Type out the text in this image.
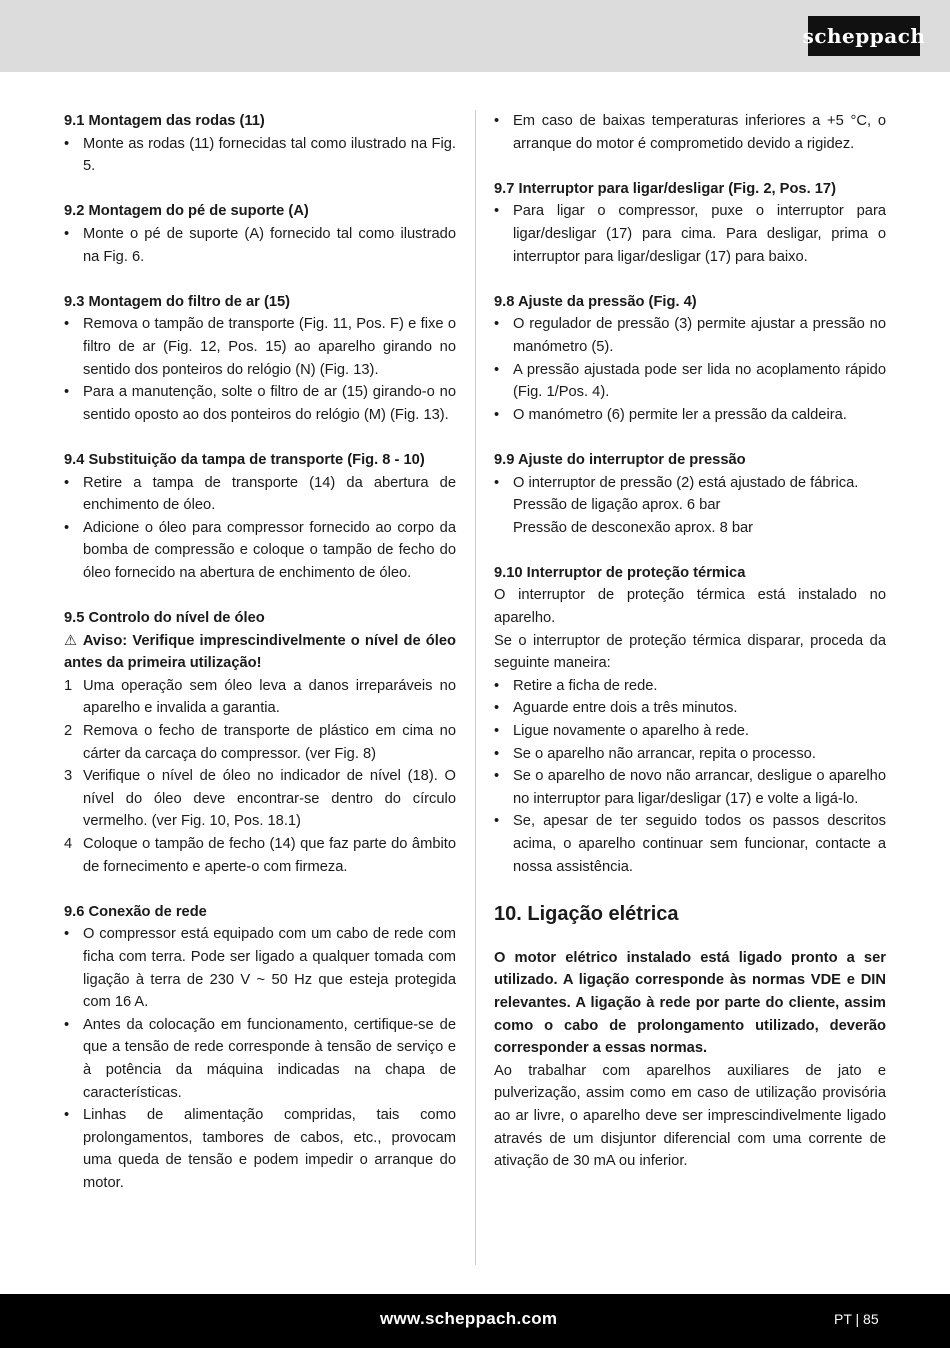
scheppach
9.1 Montagem das rodas (11)
• Monte as rodas (11) fornecidas tal como ilustrado na Fig. 5.
9.2 Montagem do pé de suporte (A)
• Monte o pé de suporte (A) fornecido tal como ilustrado na Fig. 6.
9.3 Montagem do filtro de ar (15)
• Remova o tampão de transporte (Fig. 11, Pos. F) e fixe o filtro de ar (Fig. 12, Pos. 15) ao aparelho girando no sentido dos ponteiros do relógio (N) (Fig. 13).
• Para a manutenção, solte o filtro de ar (15) girando-o no sentido oposto ao dos ponteiros do relógio (M) (Fig. 13).
9.4 Substituição da tampa de transporte (Fig. 8 - 10)
• Retire a tampa de transporte (14) da abertura de enchimento de óleo.
• Adicione o óleo para compressor fornecido ao corpo da bomba de compressão e coloque o tampão de fecho do óleo fornecido na abertura de enchimento de óleo.
9.5 Controlo do nível de óleo
⚠ Aviso: Verifique imprescindivelmente o nível de óleo antes da primeira utilização!
1 Uma operação sem óleo leva a danos irreparáveis no aparelho e invalida a garantia.
2 Remova o fecho de transporte de plástico em cima no cárter da carcaça do compressor. (ver Fig. 8)
3 Verifique o nível de óleo no indicador de nível (18). O nível do óleo deve encontrar-se dentro do círculo vermelho. (ver Fig. 10, Pos. 18.1)
4 Coloque o tampão de fecho (14) que faz parte do âmbito de fornecimento e aperte-o com firmeza.
9.6 Conexão de rede
• O compressor está equipado com um cabo de rede com ficha com terra. Pode ser ligado a qualquer tomada com ligação à terra de 230 V ~ 50 Hz que esteja protegida com 16 A.
• Antes da colocação em funcionamento, certifique-se de que a tensão de rede corresponde à tensão de serviço e à potência da máquina indicadas na chapa de características.
• Linhas de alimentação compridas, tais como prolongamentos, tambores de cabos, etc., provocam uma queda de tensão e podem impedir o arranque do motor.
• Em caso de baixas temperaturas inferiores a +5 °C, o arranque do motor é comprometido devido a rigidez.
9.7 Interruptor para ligar/desligar (Fig. 2, Pos. 17)
• Para ligar o compressor, puxe o interruptor para ligar/desligar (17) para cima. Para desligar, prima o interruptor para ligar/desligar (17) para baixo.
9.8 Ajuste da pressão (Fig. 4)
• O regulador de pressão (3) permite ajustar a pressão no manómetro (5).
• A pressão ajustada pode ser lida no acoplamento rápido (Fig. 1/Pos. 4).
• O manómetro (6) permite ler a pressão da caldeira.
9.9 Ajuste do interruptor de pressão
• O interruptor de pressão (2) está ajustado de fábrica.
Pressão de ligação aprox. 6 bar
Pressão de desconexão aprox. 8 bar
9.10 Interruptor de proteção térmica
O interruptor de proteção térmica está instalado no aparelho.
Se o interruptor de proteção térmica disparar, proceda da seguinte maneira:
• Retire a ficha de rede.
• Aguarde entre dois a três minutos.
• Ligue novamente o aparelho à rede.
• Se o aparelho não arrancar, repita o processo.
• Se o aparelho de novo não arrancar, desligue o aparelho no interruptor para ligar/desligar (17) e volte a ligá-lo.
• Se, apesar de ter seguido todos os passos descritos acima, o aparelho continuar sem funcionar, contacte a nossa assistência.
10. Ligação elétrica
O motor elétrico instalado está ligado pronto a ser utilizado. A ligação corresponde às normas VDE e DIN relevantes. A ligação à rede por parte do cliente, assim como o cabo de prolongamento utilizado, deverão corresponder a essas normas.
Ao trabalhar com aparelhos auxiliares de jato e pulverização, assim como em caso de utilização provisória ao ar livre, o aparelho deve ser imprescindivelmente ligado através de um disjuntor diferencial com uma corrente de ativação de 30 mA ou inferior.
www.scheppach.com	PT | 85
